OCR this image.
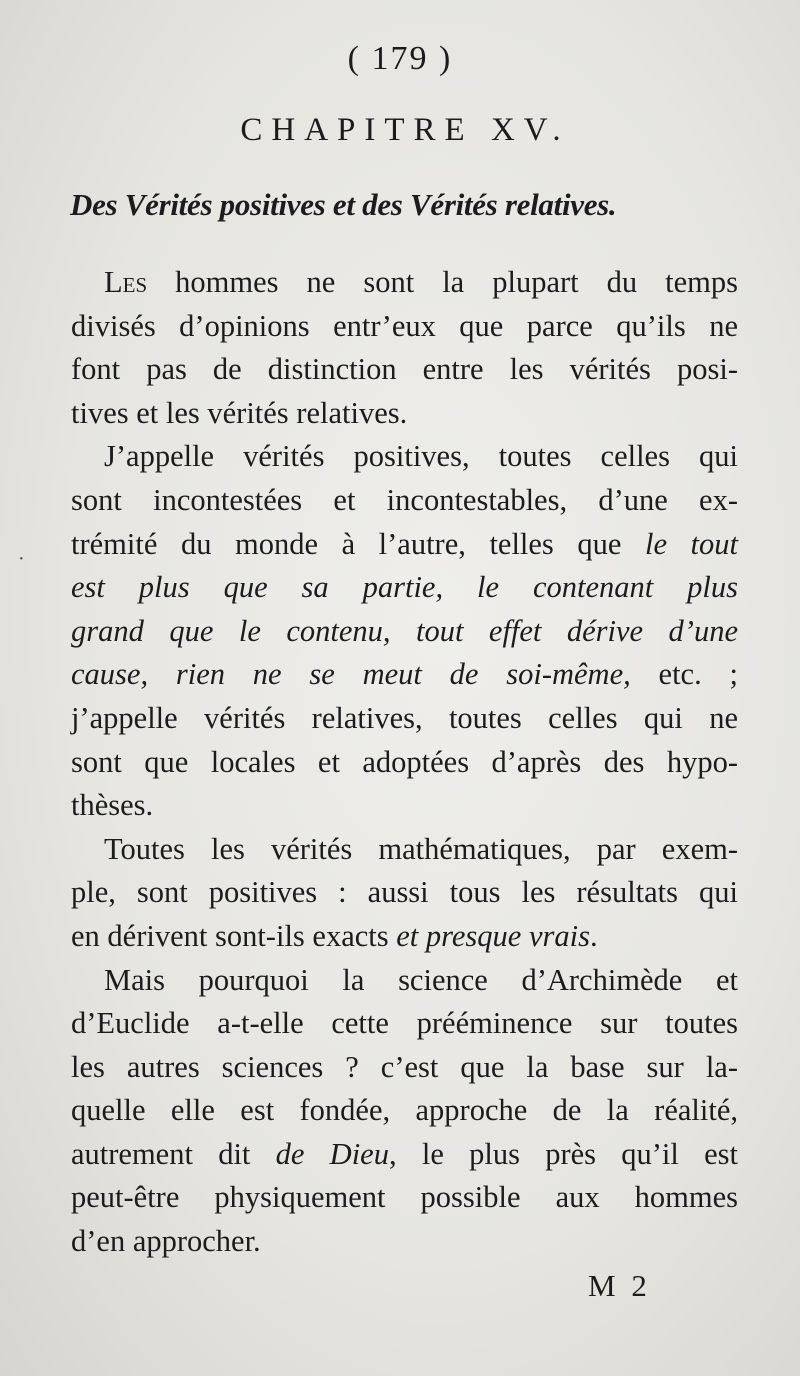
·
( 179 )
CHAPITRE XV.
Des Vérités positives et des Vérités relatives.
Les hommes ne sont la plupart du temps
divisés d’opinions entr’eux que parce qu’ils ne
font pas de distinction entre les vérités posi-
tives et les vérités relatives.
J’appelle vérités positives, toutes celles qui
sont incontestées et incontestables, d’une ex-
trémité du monde à l’autre, telles que le tout
est plus que sa partie, le contenant plus
grand que le contenu, tout effet dérive d’une
cause, rien ne se meut de soi-même, etc. ;
j’appelle vérités relatives, toutes celles qui ne
sont que locales et adoptées d’après des hypo-
thèses.
Toutes les vérités mathématiques, par exem-
ple, sont positives : aussi tous les résultats qui
en dérivent sont-ils exacts et presque vrais.
Mais pourquoi la science d’Archimède et
d’Euclide a-t-elle cette prééminence sur toutes
les autres sciences ? c’est que la base sur la-
quelle elle est fondée, approche de la réalité,
autrement dit de Dieu, le plus près qu’il est
peut-être physiquement possible aux hommes
d’en approcher.
M 2
